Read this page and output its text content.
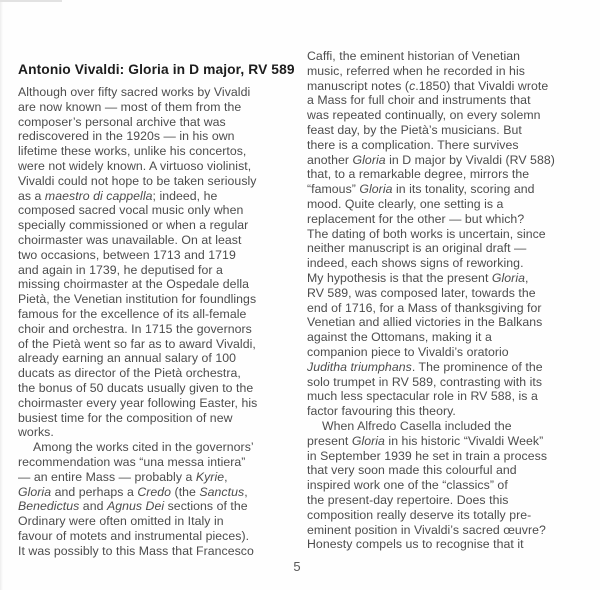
Antonio Vivaldi: Gloria in D major, RV 589
Although over fifty sacred works by Vivaldi
are now known — most of them from the
composer’s personal archive that was
rediscovered in the 1920s — in his own
lifetime these works, unlike his concertos,
were not widely known. A virtuoso violinist,
Vivaldi could not hope to be taken seriously
as a maestro di cappella; indeed, he
composed sacred vocal music only when
specially commissioned or when a regular
choirmaster was unavailable. On at least
two occasions, between 1713 and 1719
and again in 1739, he deputised for a
missing choirmaster at the Ospedale della
Pietà, the Venetian institution for foundlings
famous for the excellence of its all-female
choir and orchestra. In 1715 the governors
of the Pietà went so far as to award Vivaldi,
already earning an annual salary of 100
ducats as director of the Pietà orchestra,
the bonus of 50 ducats usually given to the
choirmaster every year following Easter, his
busiest time for the composition of new
works.
Among the works cited in the governors’
recommendation was “una messa intiera”
— an entire Mass — probably a Kyrie,
Gloria and perhaps a Credo (the Sanctus,
Benedictus and Agnus Dei sections of the
Ordinary were often omitted in Italy in
favour of motets and instrumental pieces).
It was possibly to this Mass that Francesco
Caffi, the eminent historian of Venetian
music, referred when he recorded in his
manuscript notes (c.1850) that Vivaldi wrote
a Mass for full choir and instruments that
was repeated continually, on every solemn
feast day, by the Pietà’s musicians. But
there is a complication. There survives
another Gloria in D major by Vivaldi (RV 588)
that, to a remarkable degree, mirrors the
“famous” Gloria in its tonality, scoring and
mood. Quite clearly, one setting is a
replacement for the other — but which?
The dating of both works is uncertain, since
neither manuscript is an original draft —
indeed, each shows signs of reworking.
My hypothesis is that the present Gloria,
RV 589, was composed later, towards the
end of 1716, for a Mass of thanksgiving for
Venetian and allied victories in the Balkans
against the Ottomans, making it a
companion piece to Vivaldi’s oratorio
Juditha triumphans. The prominence of the
solo trumpet in RV 589, contrasting with its
much less spectacular role in RV 588, is a
factor favouring this theory.
When Alfredo Casella included the
present Gloria in his historic “Vivaldi Week”
in September 1939 he set in train a process
that very soon made this colourful and
inspired work one of the “classics” of
the present-day repertoire. Does this
composition really deserve its totally pre-
eminent position in Vivaldi’s sacred œuvre?
Honesty compels us to recognise that it
5
